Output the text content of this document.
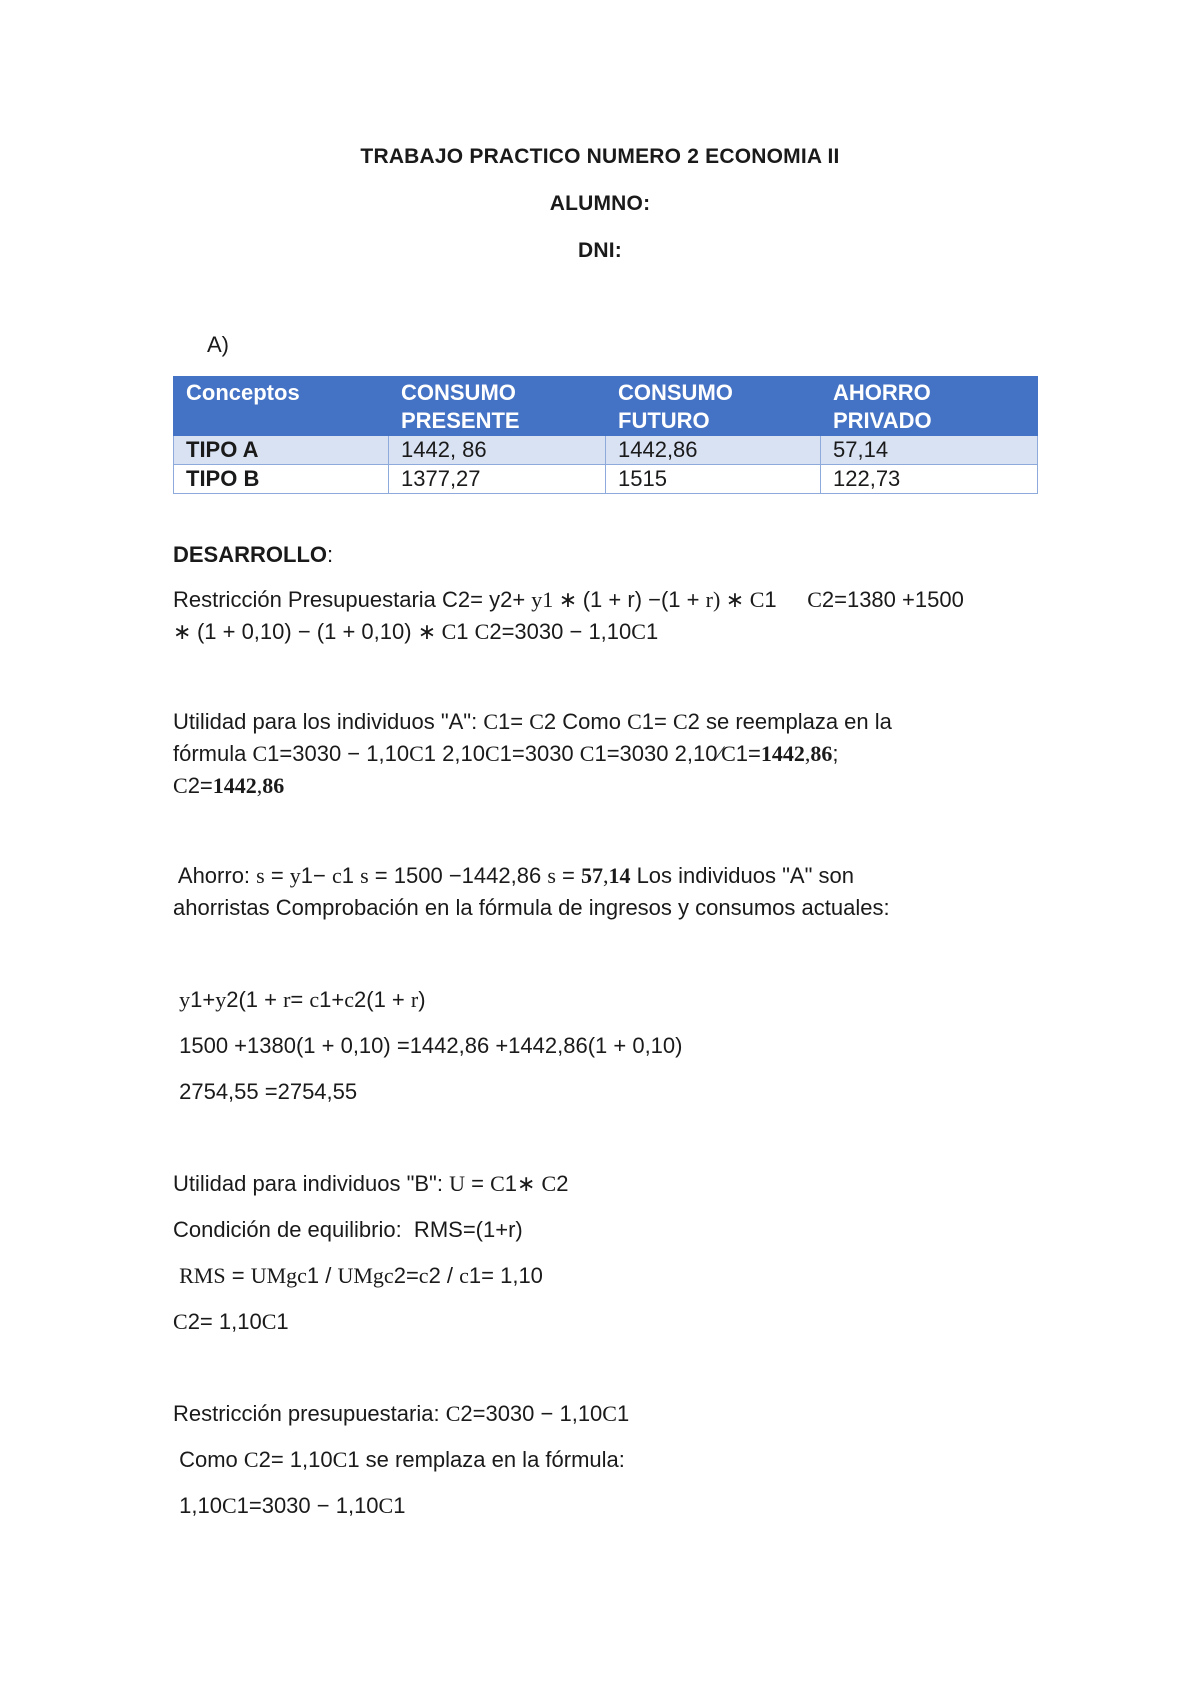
TRABAJO PRACTICO NUMERO 2 ECONOMIA II
ALUMNO:
DNI:
A)
Conceptos	CONSUMO PRESENTE	CONSUMO FUTURO	AHORRO PRIVADO
TIPO A	1442, 86	1442,86	57,14
TIPO B	1377,27	1515	122,73
DESARROLLO:
Restricción Presupuestaria C2= y2+ y1 ∗ (1 + r) −(1 + r) ∗ C1     C2=1380 +1500
∗ (1 + 0,10) − (1 + 0,10) ∗ C1 C2=3030 − 1,10C1
Utilidad para los individuos "A": C1= C2 Como C1= C2 se reemplaza en la
fórmula C1=3030 − 1,10C1 2,10C1=3030 C1=3030 2,10⁄C1=1442,86;
C2=1442,86
Ahorro: s = y1− c1 s = 1500 −1442,86 s = 57,14 Los individuos "A" son
ahorristas Comprobación en la fórmula de ingresos y consumos actuales:
y1+y2(1 + r= c1+c2(1 + r)
1500 +1380(1 + 0,10) =1442,86 +1442,86(1 + 0,10)
2754,55 =2754,55
Utilidad para individuos "B": U = C1∗ C2
Condición de equilibrio:  RMS=(1+r)
RMS = UMgc1 / UMgc2=c2 / c1= 1,10
C2= 1,10C1
Restricción presupuestaria: C2=3030 − 1,10C1
Como C2= 1,10C1 se remplaza en la fórmula:
1,10C1=3030 − 1,10C1
